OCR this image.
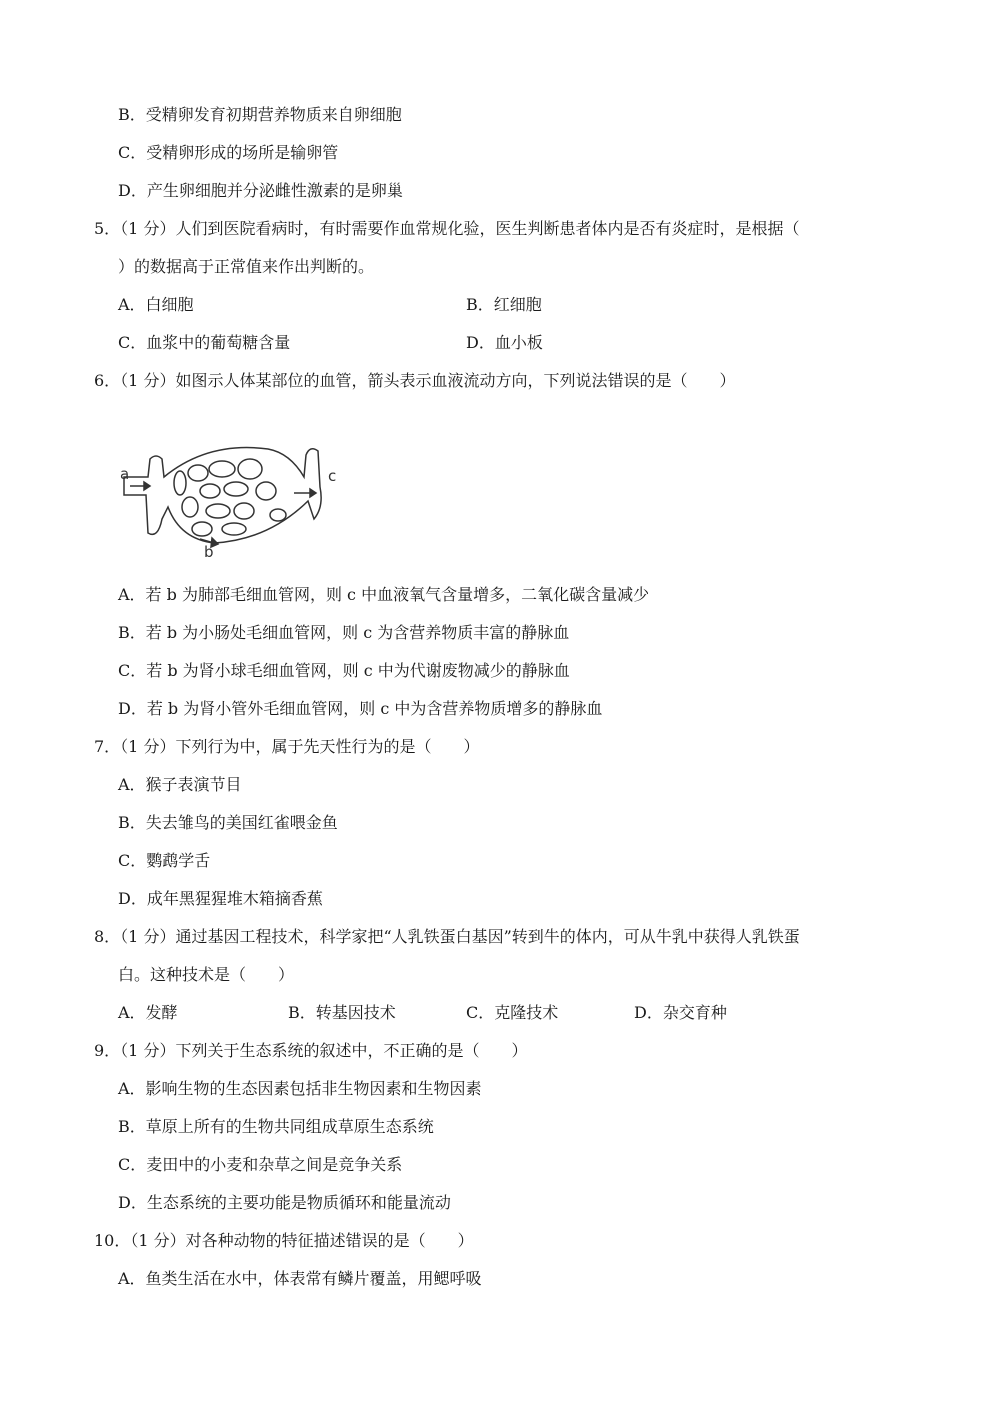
B．受精卵发育初期营养物质来自卵细胞
C．受精卵形成的场所是输卵管
D．产生卵细胞并分泌雌性激素的是卵巢
5．（1 分）人们到医院看病时，有时需要作血常规化验，医生判断患者体内是否有炎症时，是根据（
）的数据高于正常值来作出判断的。
A．白细胞	B．红细胞
C．血浆中的葡萄糖含量	D．血小板
6．（1 分）如图示人体某部位的血管，箭头表示血液流动方向，下列说法错误的是（　　）
a
b
c
A．若 b 为肺部毛细血管网，则 c 中血液氧气含量增多，二氧化碳含量减少
B．若 b 为小肠处毛细血管网，则 c 为含营养物质丰富的静脉血
C．若 b 为肾小球毛细血管网，则 c 中为代谢废物减少的静脉血
D．若 b 为肾小管外毛细血管网，则 c 中为含营养物质增多的静脉血
7．（1 分）下列行为中，属于先天性行为的是（　　）
A．猴子表演节目
B．失去雏鸟的美国红雀喂金鱼
C．鹦鹉学舌
D．成年黑猩猩堆木箱摘香蕉
8．（1 分）通过基因工程技术，科学家把“人乳铁蛋白基因”转到牛的体内，可从牛乳中获得人乳铁蛋
白。这种技术是（　　）
A．发酵	B．转基因技术	C．克隆技术	D．杂交育种
9．（1 分）下列关于生态系统的叙述中，不正确的是（　　）
A．影响生物的生态因素包括非生物因素和生物因素
B．草原上所有的生物共同组成草原生态系统
C．麦田中的小麦和杂草之间是竞争关系
D．生态系统的主要功能是物质循环和能量流动
10．（1 分）对各种动物的特征描述错误的是（　　）
A．鱼类生活在水中，体表常有鳞片覆盖，用鳃呼吸
